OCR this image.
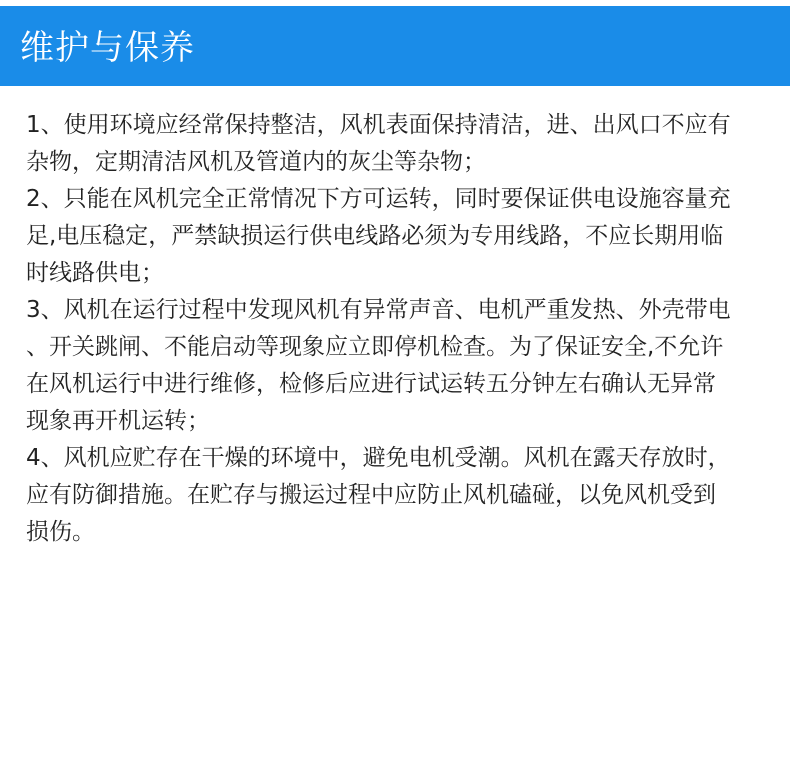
维护与保养
1、使用环境应经常保持整洁，风机表面保持清洁，进、出风口不应有
杂物，定期清洁风机及管道内的灰尘等杂物；
2、只能在风机完全正常情况下方可运转，同时要保证供电设施容量充
足,电压稳定，严禁缺损运行供电线路必须为专用线路，不应长期用临
时线路供电；
3、风机在运行过程中发现风机有异常声音、电机严重发热、外壳带电
、开关跳闸、不能启动等现象应立即停机检查。为了保证安全,不允许
在风机运行中进行维修，检修后应进行试运转五分钟左右确认无异常
现象再开机运转；
4、风机应贮存在干燥的环境中，避免电机受潮。风机在露天存放时，
应有防御措施。在贮存与搬运过程中应防止风机磕碰，以免风机受到
损伤。
